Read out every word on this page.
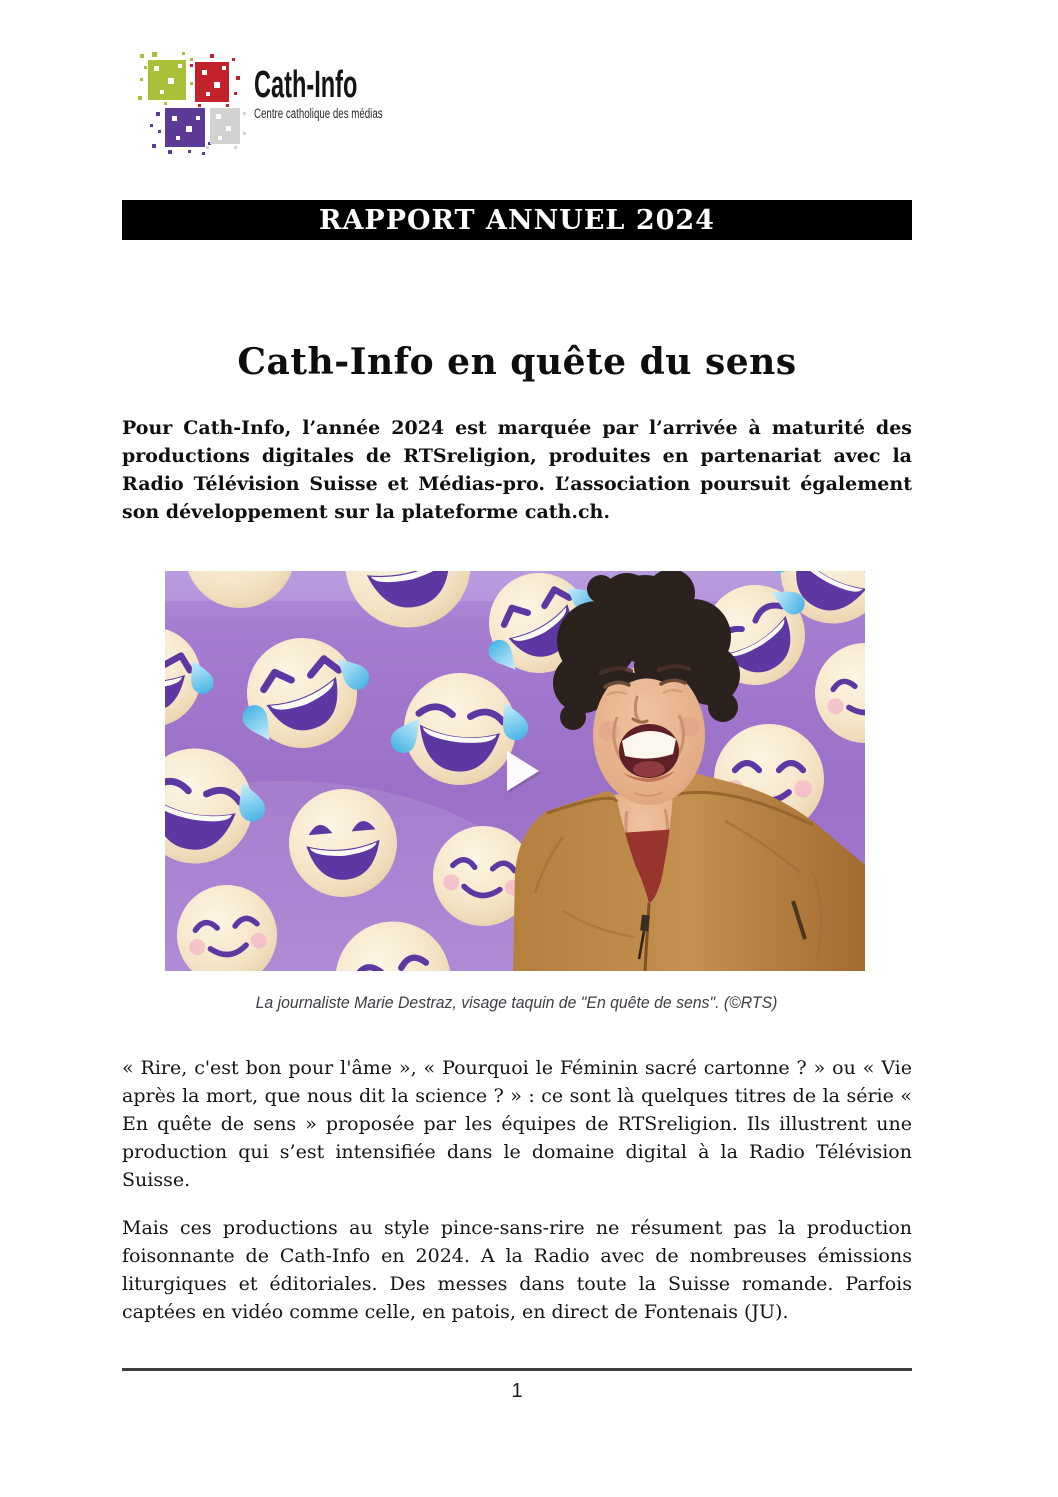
Cath-Info
Centre catholique des médias
RAPPORT ANNUEL 2024
Cath-Info en quête du sens

Pour Cath-Info, l’année 2024 est marquée par l’arrivée à maturité des productions digitales de RTSreligion, produites en partenariat avec la Radio Télévision Suisse et Médias-pro. L’association poursuit également son développement sur la plateforme cath.ch.

La journaliste Marie Destraz, visage taquin de "En quête de sens". (©RTS)

« Rire, c'est bon pour l'âme », « Pourquoi le Féminin sacré cartonne ? » ou « Vie après la mort, que nous dit la science ? » : ce sont là quelques titres de la série « En quête de sens » proposée par les équipes de RTSreligion. Ils illustrent une production qui s’est intensifiée dans le domaine digital à la Radio Télévision Suisse.

Mais ces productions au style pince-sans-rire ne résument pas la production foisonnante de Cath-Info en 2024. A la Radio avec de nombreuses émissions liturgiques et éditoriales. Des messes dans toute la Suisse romande. Parfois captées en vidéo comme celle, en patois, en direct de Fontenais (JU).

1
